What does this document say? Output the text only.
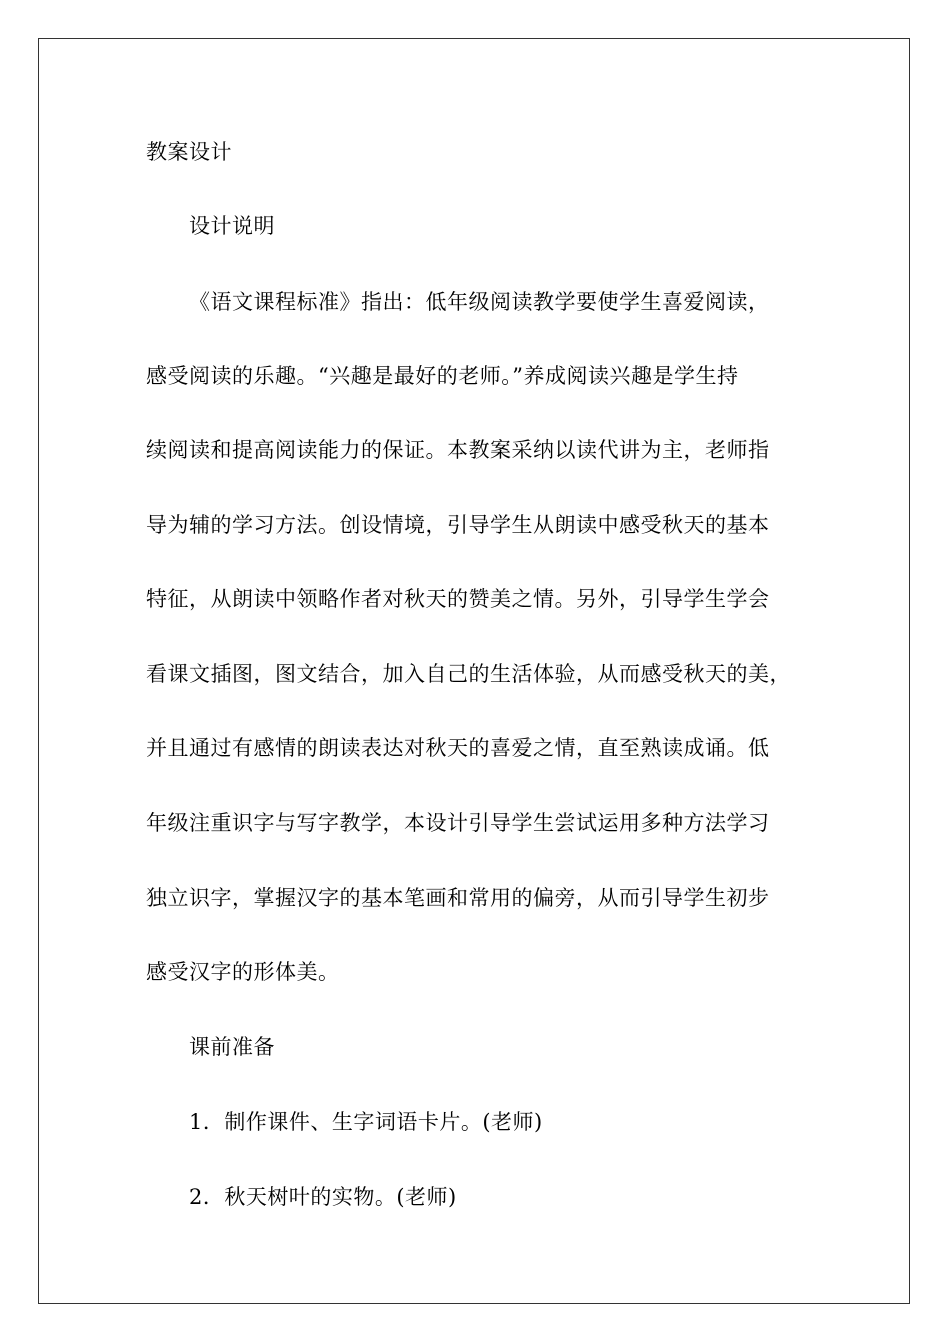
教案设计
设计说明
《语文课程标准》指出：低年级阅读教学要使学生喜爱阅读，
感受阅读的乐趣。“兴趣是最好的老师。”养成阅读兴趣是学生持
续阅读和提高阅读能力的保证。本教案采纳以读代讲为主，老师指
导为辅的学习方法。创设情境，引导学生从朗读中感受秋天的基本
特征，从朗读中领略作者对秋天的赞美之情。另外，引导学生学会
看课文插图，图文结合，加入自己的生活体验，从而感受秋天的美，
并且通过有感情的朗读表达对秋天的喜爱之情，直至熟读成诵。低
年级注重识字与写字教学，本设计引导学生尝试运用多种方法学习
独立识字，掌握汉字的基本笔画和常用的偏旁，从而引导学生初步
感受汉字的形体美。
课前准备
1．制作课件、生字词语卡片。(老师)
2．秋天树叶的实物。(老师)
